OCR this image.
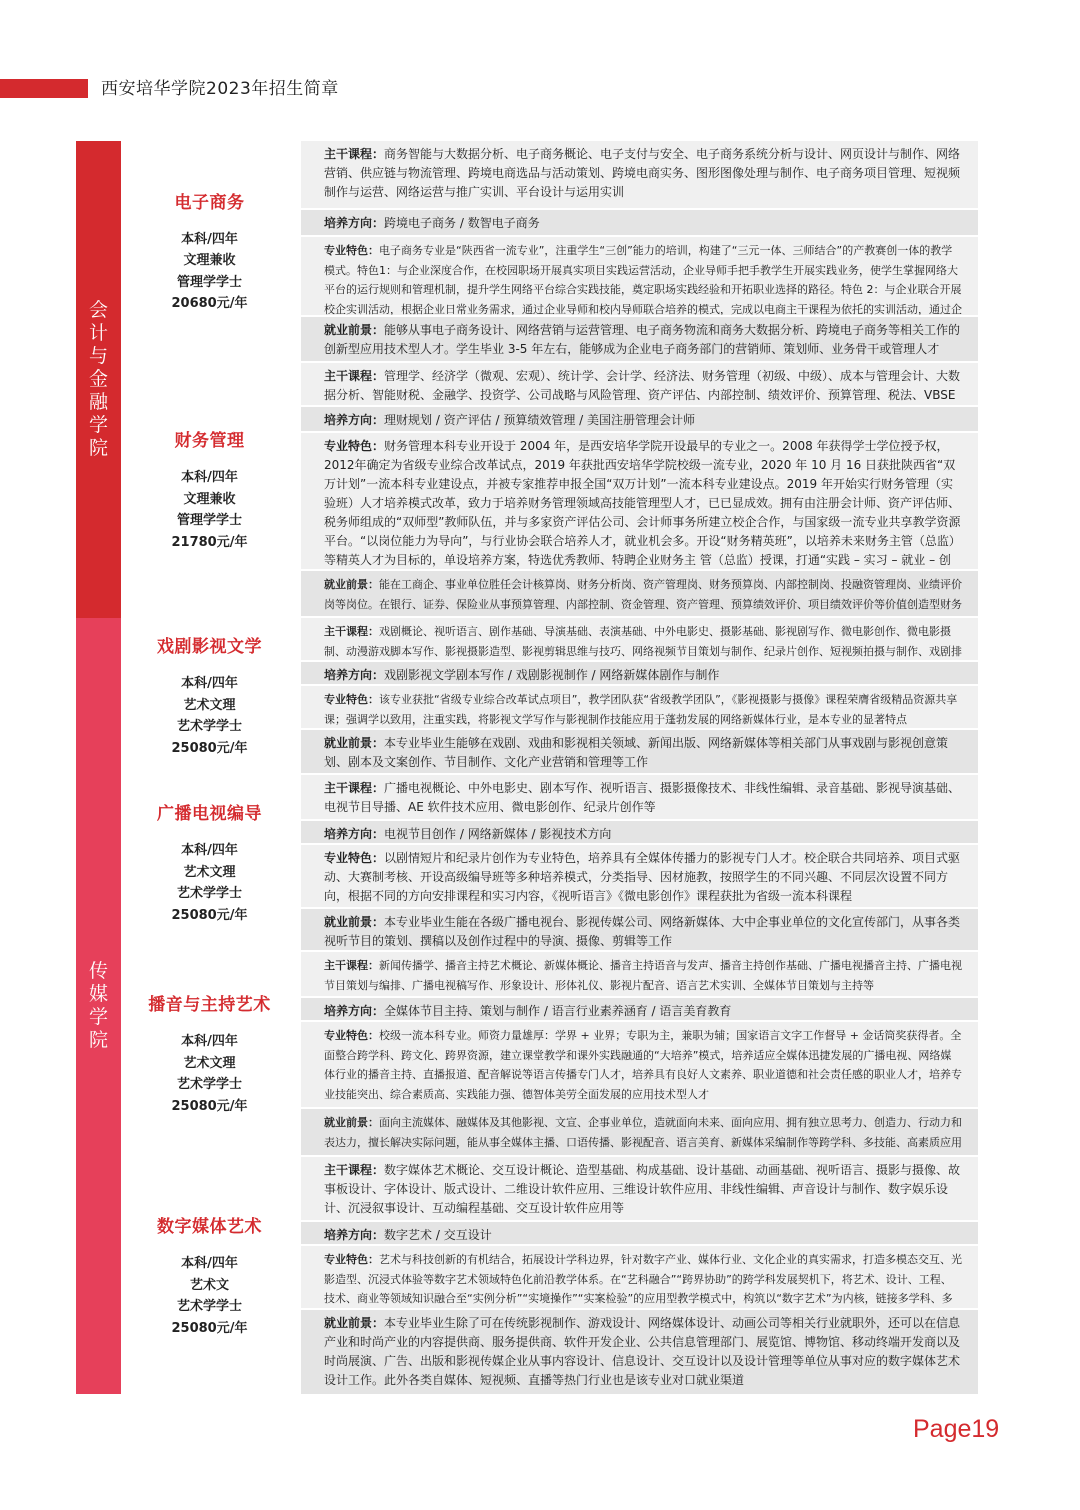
西安培华学院2023年招生简章
会计与金融学院
传媒学院
电子商务
本科/四年
文理兼收
管理学学士
20680元/年
主干课程：商务智能与大数据分析、电子商务概论、电子支付与安全、电子商务系统分析与设计、网页设计与制作、网络营销、供应链与物流管理、跨境电商选品与活动策划、跨境电商实务、图形图像处理与制作、电子商务项目管理、短视频制作与运营、网络运营与推广实训、平台设计与运用实训
培养方向：跨境电子商务 / 数智电子商务
专业特色：电子商务专业是“陕西省一流专业”，注重学生“三创”能力的培训，构建了“三元一体、三师结合”的产教赛创一体的教学模式。特色1：与企业深度合作，在校园职场开展真实项目实践运营活动，企业导师手把手教学生开展实践业务，使学生掌握网络大平台的运行规则和管理机制，提升学生网络平台综合实践技能，奠定职场实践经验和开拓职业选择的路径。特色 2：与企业联合开展校企实训活动，根据企业日常业务需求，通过企业导师和校内导师联合培养的模式，完成以电商主干课程为依托的实训活动，通过企
就业前景：能够从事电子商务设计、网络营销与运营管理、电子商务物流和商务大数据分析、跨境电子商务等相关工作的创新型应用技术型人才。学生毕业 3-5 年左右，能够成为企业电子商务部门的营销师、策划师、业务骨干或管理人才
财务管理
本科/四年
文理兼收
管理学学士
21780元/年
主干课程：管理学、经济学（微观、宏观）、统计学、会计学、经济法、财务管理（初级、中级）、成本与管理会计、大数据分析、智能财税、金融学、投资学、公司战略与风险管理、资产评估、内部控制、绩效评价、预算管理、税法、VBSE
培养方向：理财规划 / 资产评估 / 预算绩效管理 / 美国注册管理会计师
专业特色：财务管理本科专业开设于 2004 年，是西安培华学院开设最早的专业之一。2008 年获得学士学位授予权，2012年确定为省级专业综合改革试点，2019 年获批西安培华学院校级一流专业，2020 年 10 月 16 日获批陕西省“双万计划”一流本科专业建设点，并被专家推荐申报全国“双万计划”一流本科专业建设点。2019 年开始实行财务管理（实验班）人才培养模式改革，致力于培养财务管理领域高技能管理型人才，已已显成效。拥有由注册会计师、资产评估师、税务师组成的“双师型”教师队伍，并与多家资产评估公司、会计师事务所建立校企合作，与国家级一流专业共享教学资源平台。“以岗位能力为导向”，与行业协会联合培养人才，就业机会多。开设“财务精英班”，以培养未来财务主管（总监）等精英人才为目标的，单设培养方案，特选优秀教师、特聘企业财务主 管（总监）授课，打通“实践 – 实习 – 就业 – 创
就业前景：能在工商企、事业单位胜任会计核算岗、财务分析岗、资产管理岗、财务预算岗、内部控制岗、投融资管理岗、业绩评价岗等岗位。在银行、证券、保险业从事预算管理、内部控制、资金管理、资产管理、预算绩效评价、项目绩效评价等价值创造型财务
戏剧影视文学
本科/四年
艺术文理
艺术学学士
25080元/年
主干课程：戏剧概论、视听语言、剧作基础、导演基础、表演基础、中外电影史、摄影基础、影视剧写作、微电影创作、微电影摄制、动漫游戏脚本写作、影视摄影造型、影视剪辑思维与技巧、网络视频节目策划与制作、纪录片创作、短视频拍摄与制作、戏剧排
培养方向：戏剧影视文学剧本写作 / 戏剧影视制作 / 网络新媒体剧作与制作
专业特色：该专业获批“省级专业综合改革试点项目”，教学团队获“省级教学团队”，《影视摄影与摄像》课程荣膺省级精品资源共享课；强调学以致用，注重实践，将影视文学写作与影视制作技能应用于蓬勃发展的网络新媒体行业，是本专业的显著特点
就业前景：本专业毕业生能够在戏剧、戏曲和影视相关领域、新闻出版、网络新媒体等相关部门从事戏剧与影视创意策划、剧本及文案创作、节目制作、文化产业营销和管理等工作
广播电视编导
本科/四年
艺术文理
艺术学学士
25080元/年
主干课程：广播电视概论、中外电影史、剧本写作、视听语言、摄影摄像技术、非线性编辑、录音基础、影视导演基础、电视节目导播、AE 软件技术应用、微电影创作、纪录片创作等
培养方向：电视节目创作 / 网络新媒体 / 影视技术方向
专业特色：以剧情短片和纪录片创作为专业特色，培养具有全媒体传播力的影视专门人才。校企联合共同培养、项目式驱动、大赛制考核、开设高级编导班等多种培养模式，分类指导、因材施教，按照学生的不同兴趣、不同层次设置不同方向，根据不同的方向安排课程和实习内容，《视听语言》《微电影创作》课程获批为省级一流本科课程
就业前景：本专业毕业生能在各级广播电视台、影视传媒公司、网络新媒体、大中企事业单位的文化宣传部门，从事各类视听节目的策划、撰稿以及创作过程中的导演、摄像、剪辑等工作
播音与主持艺术
本科/四年
艺术文理
艺术学学士
25080元/年
主干课程：新闻传播学、播音主持艺术概论、新媒体概论、播音主持语音与发声、播音主持创作基础、广播电视播音主持、广播电视节目策划与编排、广播电视稿写作、形象设计、形体礼仪、影视片配音、语言艺术实训、全媒体节目策划与主持等
培养方向：全媒体节目主持、策划与制作 / 语言行业素养涵育 / 语言美育教育
专业特色：校级一流本科专业。师资力量雄厚：学界 + 业界；专职为主，兼职为辅；国家语言文字工作督导 + 金话筒奖获得者。全面整合跨学科、跨文化、跨界资源，建立课堂教学和课外实践融通的“大培养”模式，培养适应全媒体迅捷发展的广播电视、网络媒体行业的播音主持、直播报道、配音解说等语言传播专门人才，培养具有良好人文素养、职业道德和社会责任感的职业人才，培养专业技能突出、综合素质高、实践能力强、德智体美劳全面发展的应用技术型人才
就业前景：面向主流媒体、融媒体及其他影视、文宣、企事业单位，造就面向未来、面向应用、拥有独立思考力、创造力、行动力和表达力，擅长解决实际问题，能从事全媒体主播、口语传播、影视配音、语言美育、新媒体采编制作等跨学科、多技能、高素质应用
数字媒体艺术
本科/四年
艺术文
艺术学学士
25080元/年
主干课程：数字媒体艺术概论、交互设计概论、造型基础、构成基础、设计基础、动画基础、视听语言、摄影与摄像、故事板设计、字体设计、版式设计、二维设计软件应用、三维设计软件应用、非线性编辑、声音设计与制作、数字娱乐设计、沉浸叙事设计、互动编程基础、交互设计软件应用等
培养方向：数字艺术 / 交互设计
专业特色：艺术与科技创新的有机结合，拓展设计学科边界，针对数字产业、媒体行业、文化企业的真实需求，打造多模态交互、光影造型、沉浸式体验等数字艺术领域特色化前沿教学体系。在“艺科融合”“跨界协助”的跨学科发展契机下，将艺术、设计、工程、技术、商业等领域知识融合至“实例分析”“实境操作”“实案检验”的应用型教学模式中，构筑以“数字艺术”为内核，链接多学科、多
就业前景：本专业毕业生除了可在传统影视制作、游戏设计、网络媒体设计、动画公司等相关行业就职外，还可以在信息产业和时尚产业的内容提供商、服务提供商、软件开发企业、公共信息管理部门、展览馆、博物馆、移动终端开发商以及时尚展演、广告、出版和影视传媒企业从事内容设计、信息设计、交互设计以及设计管理等单位从事对应的数字媒体艺术设计工作。此外各类自媒体、短视频、直播等热门行业也是该专业对口就业渠道
Page19
